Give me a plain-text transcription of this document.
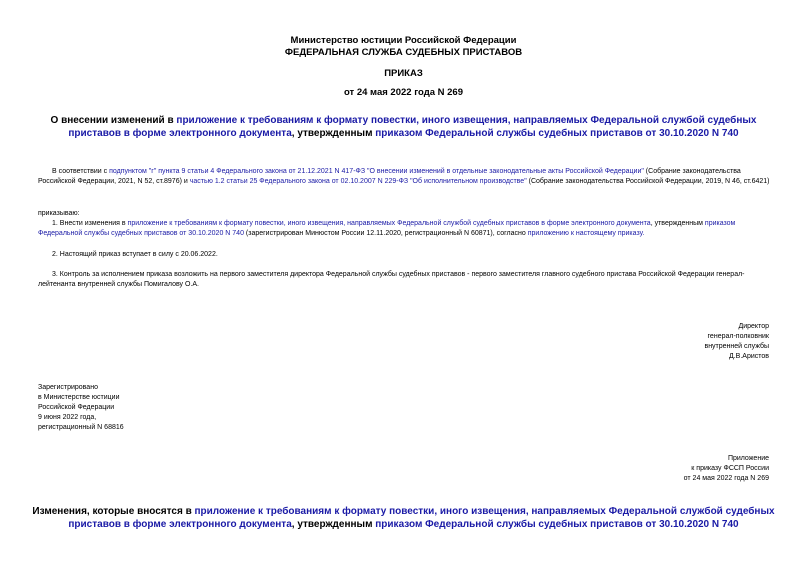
Министерство юстиции Российской Федерации
ФЕДЕРАЛЬНАЯ СЛУЖБА СУДЕБНЫХ ПРИСТАВОВ
ПРИКАЗ
от 24 мая 2022 года N 269
О внесении изменений в приложение к требованиям к формату повестки, иного извещения, направляемых Федеральной службой судебных приставов в форме электронного документа, утвержденным приказом Федеральной службы судебных приставов от 30.10.2020 N 740
В соответствии с подпунктом "г" пункта 9 статьи 4 Федерального закона от 21.12.2021 N 417-ФЗ "О внесении изменений в отдельные законодательные акты Российской Федерации" (Собрание законодательства Российской Федерации, 2021, N 52, ст.8976) и частью 1.2 статьи 25 Федерального закона от 02.10.2007 N 229-ФЗ "Об исполнительном производстве" (Собрание законодательства Российской Федерации, 2019, N 46, ст.6421)
приказываю:
1. Внести изменения в приложение к требованиям к формату повестки, иного извещения, направляемых Федеральной службой судебных приставов в форме электронного документа, утвержденным приказом Федеральной службы судебных приставов от 30.10.2020 N 740 (зарегистрирован Минюстом России 12.11.2020, регистрационный N 60871), согласно приложению к настоящему приказу.
2. Настоящий приказ вступает в силу с 20.06.2022.
3. Контроль за исполнением приказа возложить на первого заместителя директора Федеральной службы судебных приставов - первого заместителя главного судебного пристава Российской Федерации генерал-лейтенанта внутренней службы Помигалову О.А.
Директор
генерал-полковник
внутренней службы
Д.В.Аристов
Зарегистрировано
в Министерстве юстиции
Российской Федерации
9 июня 2022 года,
регистрационный N 68816
Приложение
к приказу ФССП России
от 24 мая 2022 года N 269
Изменения, которые вносятся в приложение к требованиям к формату повестки, иного извещения, направляемых Федеральной службой судебных приставов в форме электронного документа, утвержденным приказом Федеральной службы судебных приставов от 30.10.2020 N 740
